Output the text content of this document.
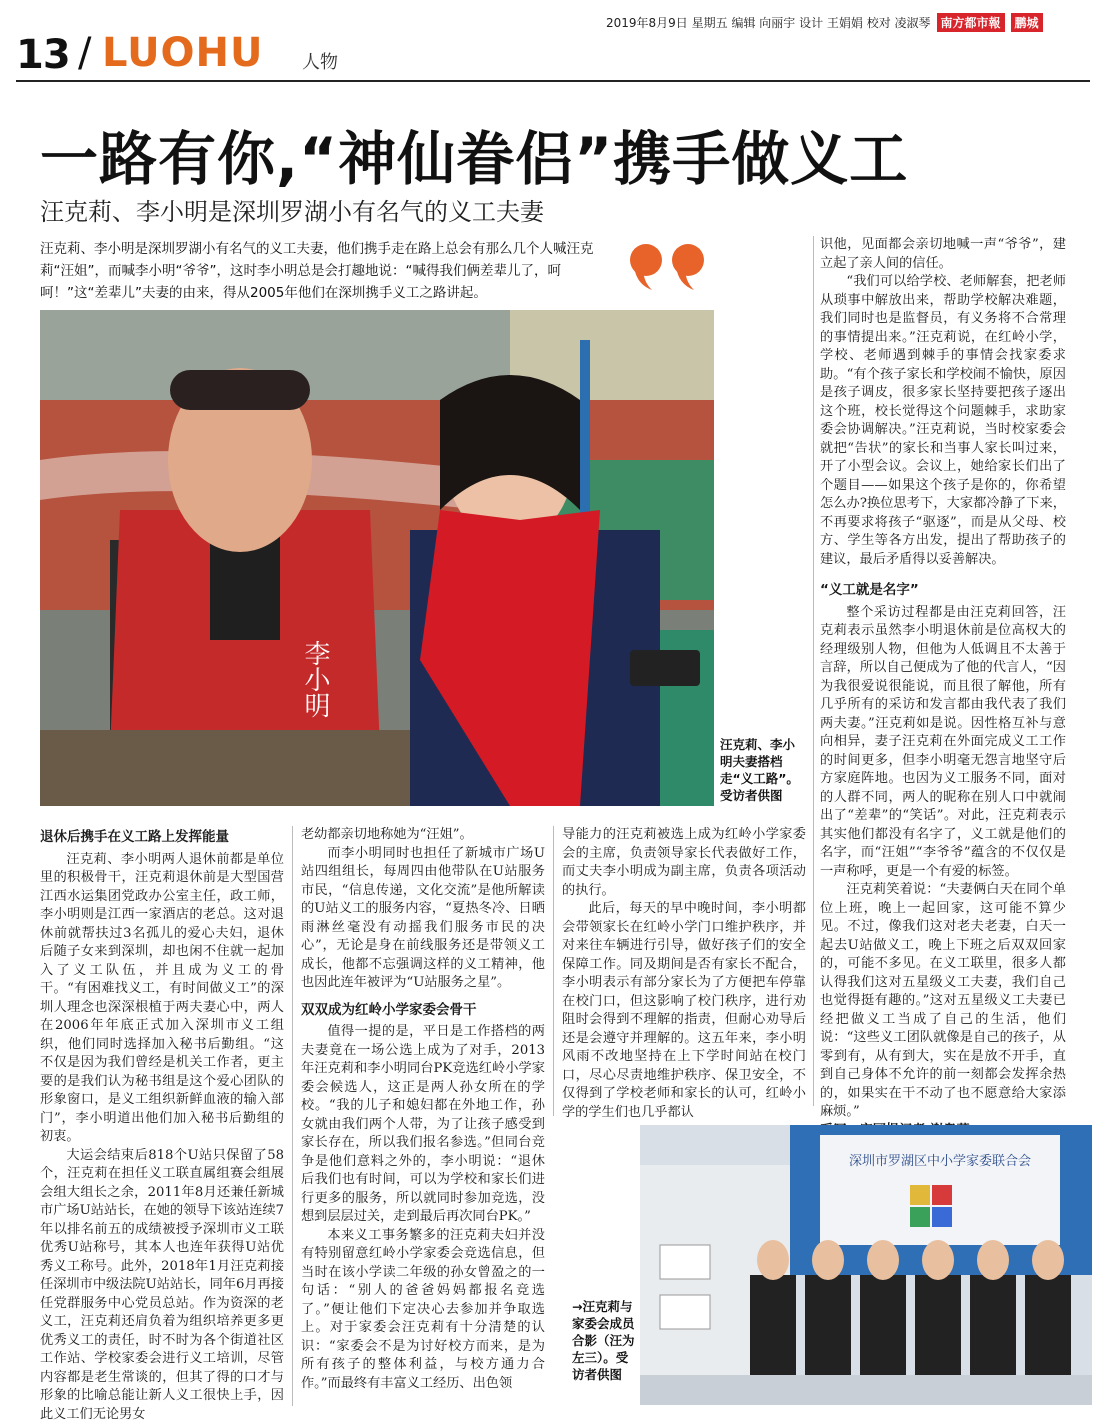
2019年8月9日 星期五 编辑 向丽宇 设计 王娟娟 校对 凌淑琴 南方都市報	鹏城
13 / LUOHU 人物
一路有你,“神仙眷侣”携手做义工
汪克莉、李小明是深圳罗湖小有名气的义工夫妻
汪克莉、李小明是深圳罗湖小有名气的义工夫妻，他们携手走在路上总会有那么几个人喊汪克莉“汪姐”，而喊李小明“爷爷”，这时李小明总是会打趣地说：“喊得我们俩差辈儿了，呵呵！”这“差辈儿”夫妻的由来，得从2005年他们在深圳携手义工之路讲起。
李小明
汪克莉、李小明夫妻搭档走“义工路”。受访者供图
退休后携手在义工路上发挥能量

汪克莉、李小明两人退休前都是单位里的积极骨干，汪克莉退休前是大型国营江西水运集团党政办公室主任，政工师，李小明则是江西一家酒店的老总。这对退休前就帮扶过3名孤儿的爱心夫妇，退休后随子女来到深圳，却也闲不住就一起加入了义工队伍，并且成为义工的骨干。“有困难找义工，有时间做义工”的深圳人理念也深深根植于两夫妻心中，两人在2006年年底正式加入深圳市义工组织，他们同时选择加入秘书后勤组。“这不仅是因为我们曾经是机关工作者，更主要的是我们认为秘书组是这个爱心团队的形象窗口，是义工组织新鲜血液的输入部门”，李小明道出他们加入秘书后勤组的初衷。

大运会结束后818个U站只保留了58个，汪克莉在担任义工联直属组赛会组展会组大组长之余，2011年8月还兼任新城市广场U站站长，在她的领导下该站连续7年以排名前五的成绩被授予深圳市义工联优秀U站称号，其本人也连年获得U站优秀义工称号。此外，2018年1月汪克莉接任深圳市中级法院U站站长，同年6月再接任党群服务中心党员总站。作为资深的老义工，汪克莉还肩负着为组织培养更多更优秀义工的责任，时不时为各个街道社区工作站、学校家委会进行义工培训，尽管内容都是老生常谈的，但其了得的口才与形象的比喻总能让新人义工很快上手，因此义工们无论男女

老幼都亲切地称她为“汪姐”。

而李小明同时也担任了新城市广场U站四组组长，每周四由他带队在U站服务市民，“信息传递，文化交流”是他所解读的U站义工的服务内容，“夏热冬冷、日晒雨淋丝毫没有动摇我们服务市民的决心”，无论是身在前线服务还是带领义工成长，他都不忘强调这样的义工精神，他也因此连年被评为“U站服务之星”。

双双成为红岭小学家委会骨干

值得一提的是，平日是工作搭档的两夫妻竟在一场公选上成为了对手，2013年汪克莉和李小明同台PK竞选红岭小学家委会候选人，这正是两人孙女所在的学校。“我的儿子和媳妇都在外地工作，孙女就由我们两个人带，为了让孩子感受到家长存在，所以我们报名参选。”但同台竞争是他们意料之外的，李小明说：“退休后我们也有时间，可以为学校和家长们进行更多的服务，所以就同时参加竞选，没想到层层过关，走到最后再次同台PK。”

本来义工事务繁多的汪克莉夫妇并没有特别留意红岭小学家委会竞选信息，但当时在该小学读二年级的孙女曾盈之的一句话：“别人的爸爸妈妈都报名竞选了。”便让他们下定决心去参加并争取选上。对于家委会汪克莉有十分清楚的认识：“家委会不是为讨好校方而来，是为所有孩子的整体利益，与校方通力合作。”而最终有丰富义工经历、出色领

导能力的汪克莉被选上成为红岭小学家委会的主席，负责领导家长代表做好工作，而丈夫李小明成为副主席，负责各项活动的执行。

此后，每天的早中晚时间，李小明都会带领家长在红岭小学门口维护秩序，并对来往车辆进行引导，做好孩子们的安全保障工作。同及期间是否有家长不配合，李小明表示有部分家长为了方便把车停靠在校门口，但这影响了校门秩序，进行劝阻时会得到不理解的指责，但耐心劝导后还是会遵守并理解的。这五年来，李小明风雨不改地坚持在上下学时间站在校门口，尽心尽责地维护秩序、保卫安全，不仅得到了学校老师和家长的认可，红岭小学的学生们也几乎都认

识他，见面都会亲切地喊一声“爷爷”，建立起了亲人间的信任。

“我们可以给学校、老师解套，把老师从琐事中解放出来，帮助学校解决难题，我们同时也是监督员，有义务将不合常理的事情提出来。”汪克莉说，在红岭小学，学校、老师遇到棘手的事情会找家委求助。“有个孩子家长和学校闹不愉快，原因是孩子调皮，很多家长坚持要把孩子逐出这个班，校长觉得这个问题棘手，求助家委会协调解决。”汪克莉说，当时校家委会就把“告状”的家长和当事人家长叫过来，开了小型会议。会议上，她给家长们出了个题目——如果这个孩子是你的，你希望怎么办?换位思考下，大家都冷静了下来，不再要求将孩子“驱逐”，而是从父母、校方、学生等各方出发，提出了帮助孩子的建议，最后矛盾得以妥善解决。

“义工就是名字”

整个采访过程都是由汪克莉回答，汪克莉表示虽然李小明退休前是位高权大的经理级别人物，但他为人低调且不太善于言辞，所以自己便成为了他的代言人，“因为我很爱说很能说，而且很了解他，所有几乎所有的采访和发言都由我代表了我们两夫妻。”汪克莉如是说。因性格互补与意向相异，妻子汪克莉在外面完成义工工作的时间更多，但李小明毫无怨言地坚守后方家庭阵地。也因为义工服务不同，面对的人群不同，两人的昵称在别人口中就闹出了“差辈”的“笑话”。对此，汪克莉表示其实他们都没有名字了，义工就是他们的名字，而“汪姐”“李爷爷”蕴含的不仅仅是一声称呼，更是一个有爱的标签。

汪克莉笑着说：“夫妻俩白天在同个单位上班，晚上一起回家，这可能不算少见。不过，像我们这对老夫老妻，白天一起去U站做义工，晚上下班之后双双回家的，可能不多见。在义工联里，很多人都认得我们这对五星级义工夫妻，我们自己也觉得挺有趣的。”这对五星级义工夫妻已经把做义工当成了自己的生活，他们说：“这些义工团队就像是自己的孩子，从零到有，从有到大，实在是放不开手，直到自己身体不允许的前一刻都会发挥余热的，如果实在干不动了也不愿意给大家添麻烦。”

深圳市罗湖区中小学家委联合会
→汪克莉与家委会成员合影（汪为左三）。受访者供图
